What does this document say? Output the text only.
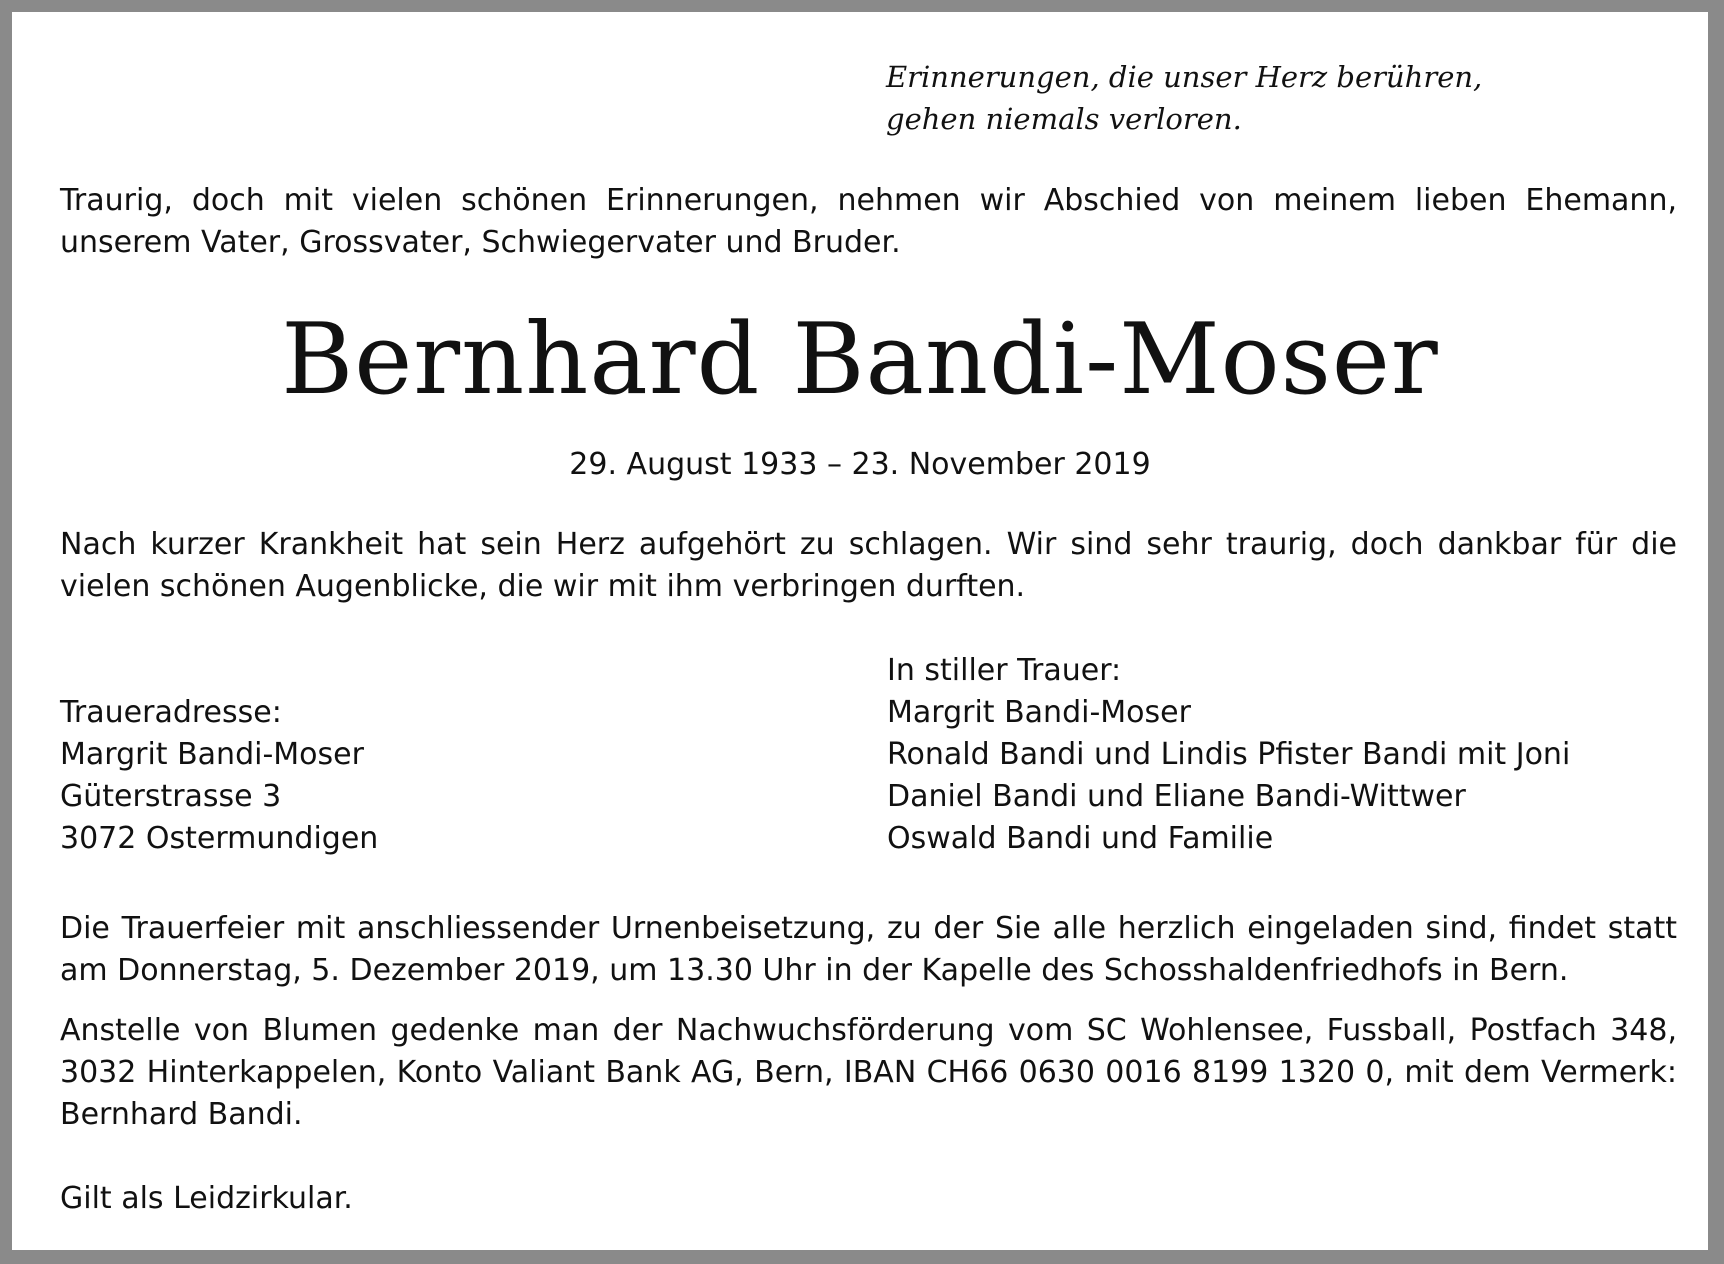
Erinnerungen, die unser Herz berühren,
gehen niemals verloren.

Traurig, doch mit vielen schönen Erinnerungen, nehmen wir Abschied von meinem lieben Ehemann, unserem Vater, Grossvater, Schwiegervater und Bruder.

Bernhard Bandi-Moser

29. August 1933 – 23. November 2019

Nach kurzer Krankheit hat sein Herz aufgehört zu schlagen. Wir sind sehr traurig, doch dankbar für die vielen schönen Augenblicke, die wir mit ihm verbringen durften.

Traueradresse:
Margrit Bandi-Moser
Güterstrasse 3
3072 Ostermundigen
In stiller Trauer:
Margrit Bandi-Moser
Ronald Bandi und Lindis Pfister Bandi mit Joni
Daniel Bandi und Eliane Bandi-Wittwer
Oswald Bandi und Familie

Die Trauerfeier mit anschliessender Urnenbeisetzung, zu der Sie alle herzlich eingeladen sind, findet statt am Donnerstag, 5. Dezember 2019, um 13.30 Uhr in der Kapelle des Schosshaldenfriedhofs in Bern.

Anstelle von Blumen gedenke man der Nachwuchsförderung vom SC Wohlensee, Fussball, Postfach 348, 3032 Hinterkappelen, Konto Valiant Bank AG, Bern, IBAN CH66 0630 0016 8199 1320 0, mit dem Vermerk: Bernhard Bandi.

Gilt als Leidzirkular.
